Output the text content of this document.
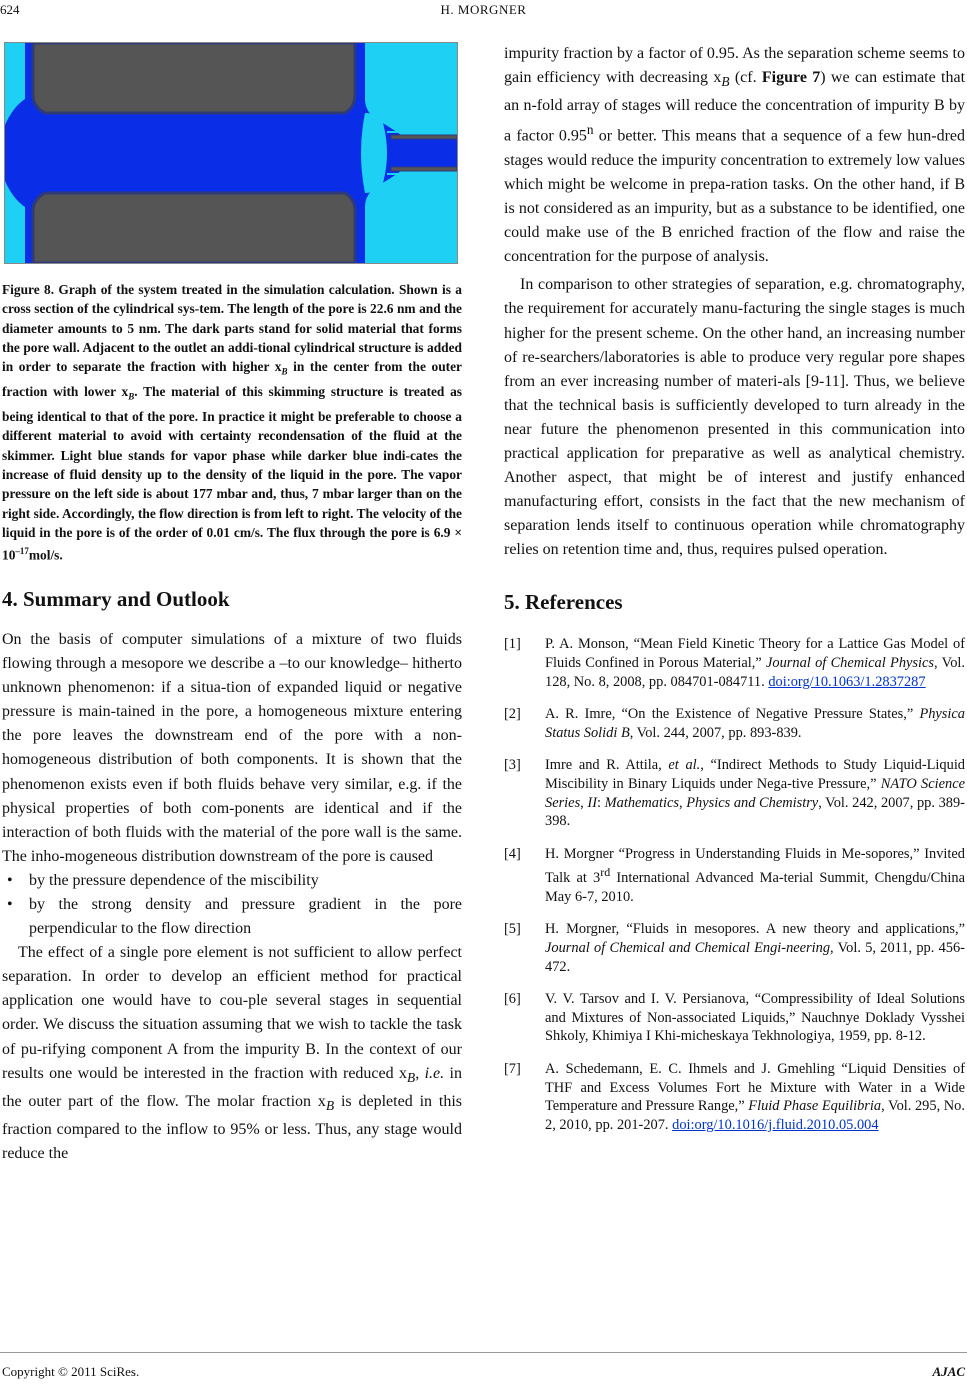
624	H. MORGNER
Figure 8. Graph of the system treated in the simulation calculation. Shown is a cross section of the cylindrical sys-tem. The length of the pore is 22.6 nm and the diameter amounts to 5 nm. The dark parts stand for solid material that forms the pore wall. Adjacent to the outlet an addi-tional cylindrical structure is added in order to separate the fraction with higher $x_B$ in the center from the outer fraction with lower $x_B$. The material of this skimming structure is treated as being identical to that of the pore. In practice it might be preferable to choose a different material to avoid with certainty recondensation of the fluid at the skimmer. Light blue stands for vapor phase while darker blue indi-cates the increase of fluid density up to the density of the liquid in the pore. The vapor pressure on the left side is about 177 mbar and, thus, 7 mbar larger than on the right side. Accordingly, the flow direction is from left to right. The velocity of the liquid in the pore is of the order of 0.01 cm/s. The flux through the pore is $6.9 \times 10^{-17}mol/s$.
4. Summary and Outlook

On the basis of computer simulations of a mixture of two fluids flowing through a mesopore we describe a –to our knowledge– hitherto unknown phenomenon: if a situa-tion of expanded liquid or negative pressure is main-tained in the pore, a homogeneous mixture entering the pore leaves the downstream end of the pore with a non-homogeneous distribution of both components. It is shown that the phenomenon exists even if both fluids behave very similar, e.g. if the physical properties of both com-ponents are identical and if the interaction of both fluids with the material of the pore wall is the same. The inho-mogeneous distribution downstream of the pore is caused

• by the pressure dependence of the miscibility
• by the strong density and pressure gradient in the pore perpendicular to the flow direction

The effect of a single pore element is not sufficient to allow perfect separation. In order to develop an efficient method for practical application one would have to cou-ple several stages in sequential order. We discuss the situation assuming that we wish to tackle the task of pu-rifying component A from the impurity B. In the context of our results one would be interested in the fraction with reduced $x_B$, i.e. in the outer part of the flow. The molar fraction $x_B$ is depleted in this fraction compared to the inflow to 95% or less. Thus, any stage would reduce the

impurity fraction by a factor of 0.95. As the separation scheme seems to gain efficiency with decreasing $x_B$ (cf. Figure 7) we can estimate that an n-fold array of stages will reduce the concentration of impurity B by a factor 0.95$^n$ or better. This means that a sequence of a few hun-dred stages would reduce the impurity concentration to extremely low values which might be welcome in prepa-ration tasks. On the other hand, if B is not considered as an impurity, but as a substance to be identified, one could make use of the B enriched fraction of the flow and raise the concentration for the purpose of analysis.

In comparison to other strategies of separation, e.g. chromatography, the requirement for accurately manu-facturing the single stages is much higher for the present scheme. On the other hand, an increasing number of re-searchers/laboratories is able to produce very regular pore shapes from an ever increasing number of materi-als [9-11]. Thus, we believe that the technical basis is sufficiently developed to turn already in the near future the phenomenon presented in this communication into practical application for preparative as well as analytical chemistry. Another aspect, that might be of interest and justify enhanced manufacturing effort, consists in the fact that the new mechanism of separation lends itself to continuous operation while chromatography relies on retention time and, thus, requires pulsed operation.

5. References
[1]	P. A. Monson, “Mean Field Kinetic Theory for a Lattice Gas Model of Fluids Confined in Porous Material,” Journal of Chemical Physics, Vol. 128, No. 8, 2008, pp. 084701-084711. doi:org/10.1063/1.2837287
[2]	A. R. Imre, “On the Existence of Negative Pressure States,” Physica Status Solidi B, Vol. 244, 2007, pp. 893-839.
[3]	Imre and R. Attila, et al., “Indirect Methods to Study Liquid-Liquid Miscibility in Binary Liquids under Nega-tive Pressure,” NATO Science Series, II: Mathematics, Physics and Chemistry, Vol. 242, 2007, pp. 389-398.
[4]	H. Morgner “Progress in Understanding Fluids in Me-sopores,” Invited Talk at 3rd International Advanced Ma-terial Summit, Chengdu/China May 6-7, 2010.
[5]	H. Morgner, “Fluids in mesopores. A new theory and applications,” Journal of Chemical and Chemical Engi-neering, Vol. 5, 2011, pp. 456- 472.
[6]	V. V. Tarsov and I. V. Persianova, “Compressibility of Ideal Solutions and Mixtures of Non-associated Liquids,” Nauchnye Doklady Vysshei Shkoly, Khimiya I Khi-micheskaya Tekhnologiya, 1959, pp. 8-12.
[7]	A. Schedemann, E. C. Ihmels and J. Gmehling “Liquid Densities of THF and Excess Volumes Fort he Mixture with Water in a Wide Temperature and Pressure Range,” Fluid Phase Equilibria, Vol. 295, No. 2, 2010, pp. 201-207. doi:org/10.1016/j.fluid.2010.05.004
Copyright © 2011 SciRes.	AJAC
